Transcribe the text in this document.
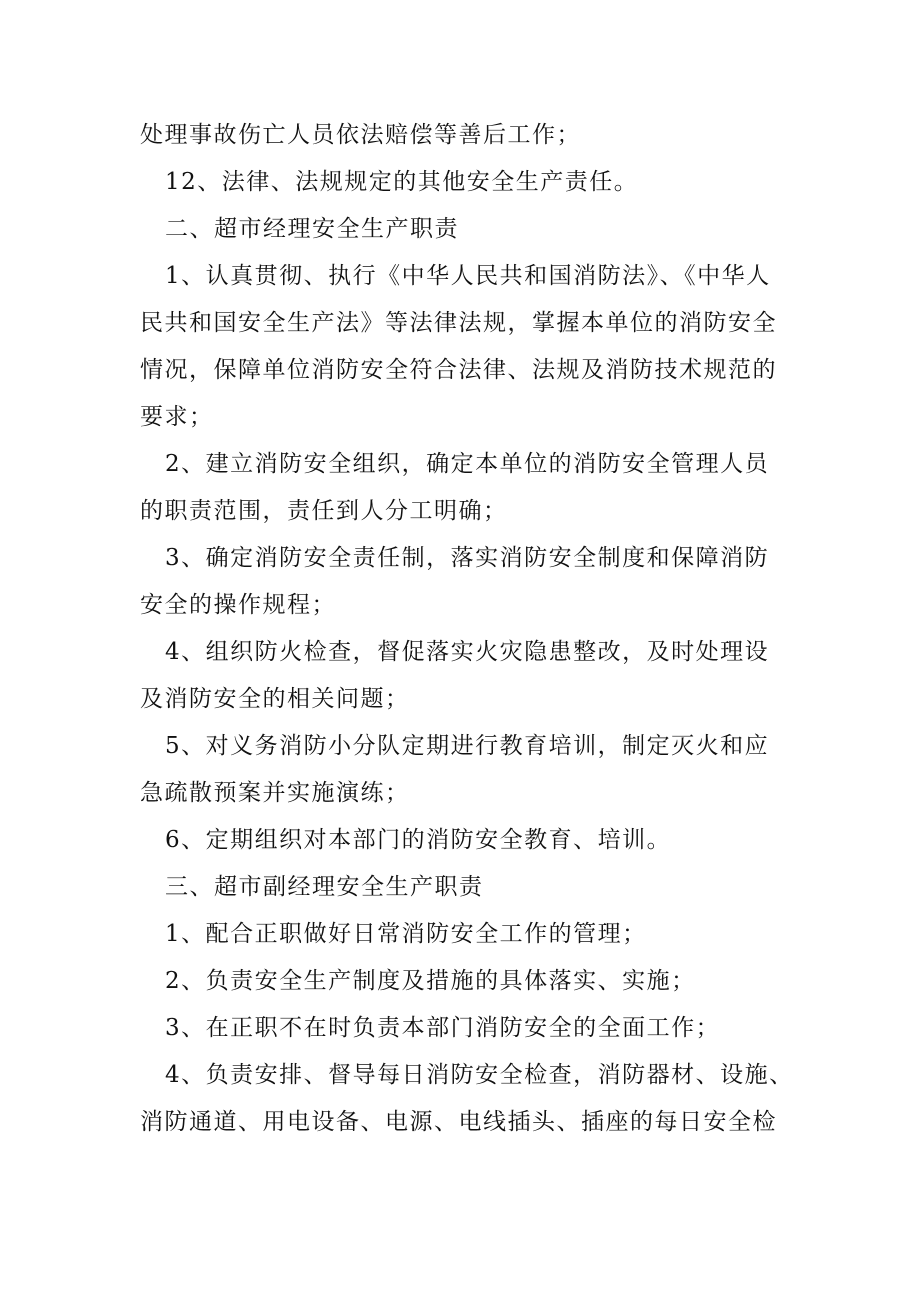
处理事故伤亡人员依法赔偿等善后工作；
12、法律、法规规定的其他安全生产责任。
二、超市经理安全生产职责
1、认真贯彻、执行《中华人民共和国消防法》、《中华人
民共和国安全生产法》等法律法规，掌握本单位的消防安全
情况，保障单位消防安全符合法律、法规及消防技术规范的
要求；
2、建立消防安全组织，确定本单位的消防安全管理人员
的职责范围，责任到人分工明确；
3、确定消防安全责任制，落实消防安全制度和保障消防
安全的操作规程；
4、组织防火检查，督促落实火灾隐患整改，及时处理设
及消防安全的相关问题；
5、对义务消防小分队定期进行教育培训，制定灭火和应
急疏散预案并实施演练；
6、定期组织对本部门的消防安全教育、培训。
三、超市副经理安全生产职责
1、配合正职做好日常消防安全工作的管理；
2、负责安全生产制度及措施的具体落实、实施；
3、在正职不在时负责本部门消防安全的全面工作；
4、负责安排、督导每日消防安全检查，消防器材、设施、
消防通道、用电设备、电源、电线插头、插座的每日安全检
